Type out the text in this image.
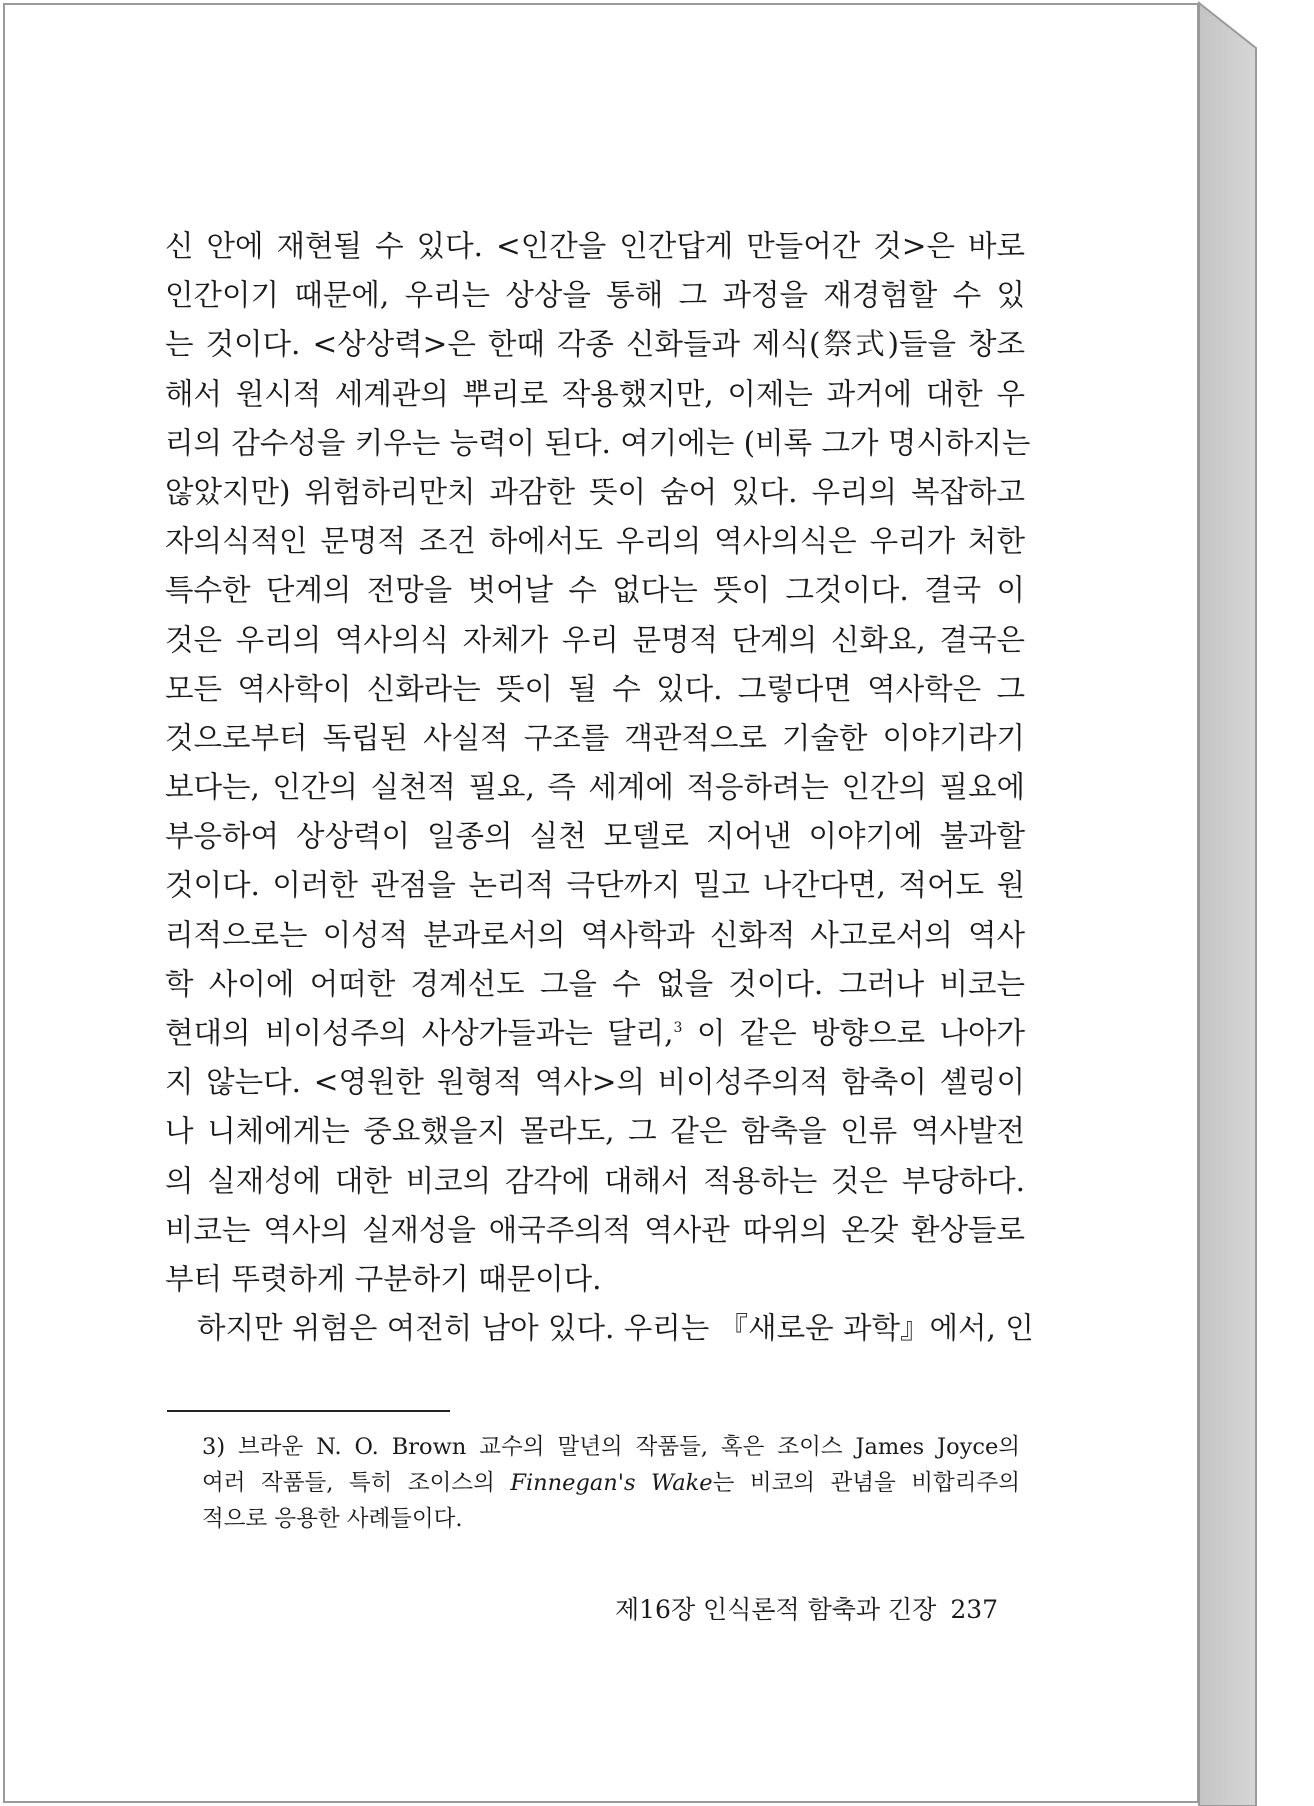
신 안에 재현될 수 있다. <인간을 인간답게 만들어간 것>은 바로
인간이기 때문에, 우리는 상상을 통해 그 과정을 재경험할 수 있
는 것이다. <상상력>은 한때 각종 신화들과 제식(祭式)들을 창조
해서 원시적 세계관의 뿌리로 작용했지만, 이제는 과거에 대한 우
리의 감수성을 키우는 능력이 된다. 여기에는 (비록 그가 명시하지는
않았지만) 위험하리만치 과감한 뜻이 숨어 있다. 우리의 복잡하고
자의식적인 문명적 조건 하에서도 우리의 역사의식은 우리가 처한
특수한 단계의 전망을 벗어날 수 없다는 뜻이 그것이다. 결국 이
것은 우리의 역사의식 자체가 우리 문명적 단계의 신화요, 결국은
모든 역사학이 신화라는 뜻이 될 수 있다. 그렇다면 역사학은 그
것으로부터 독립된 사실적 구조를 객관적으로 기술한 이야기라기
보다는, 인간의 실천적 필요, 즉 세계에 적응하려는 인간의 필요에
부응하여 상상력이 일종의 실천 모델로 지어낸 이야기에 불과할
것이다. 이러한 관점을 논리적 극단까지 밀고 나간다면, 적어도 원
리적으로는 이성적 분과로서의 역사학과 신화적 사고로서의 역사
학 사이에 어떠한 경계선도 그을 수 없을 것이다. 그러나 비코는
현대의 비이성주의 사상가들과는 달리,$^3$ 이 같은 방향으로 나아가
지 않는다. <영원한 원형적 역사>의 비이성주의적 함축이 셸링이
나 니체에게는 중요했을지 몰라도, 그 같은 함축을 인류 역사발전
의 실재성에 대한 비코의 감각에 대해서 적용하는 것은 부당하다.
비코는 역사의 실재성을 애국주의적 역사관 따위의 온갖 환상들로
부터 뚜렷하게 구분하기 때문이다.
하지만 위험은 여전히 남아 있다. 우리는 『새로운 과학』에서, 인
3) 브라운 N. O. Brown 교수의 말년의 작품들, 혹은 조이스 James Joyce의
여러 작품들, 특히 조이스의 Finnegan's Wake는 비코의 관념을 비합리주의
적으로 응용한 사례들이다.
제16장 인식론적 함축과 긴장 237
